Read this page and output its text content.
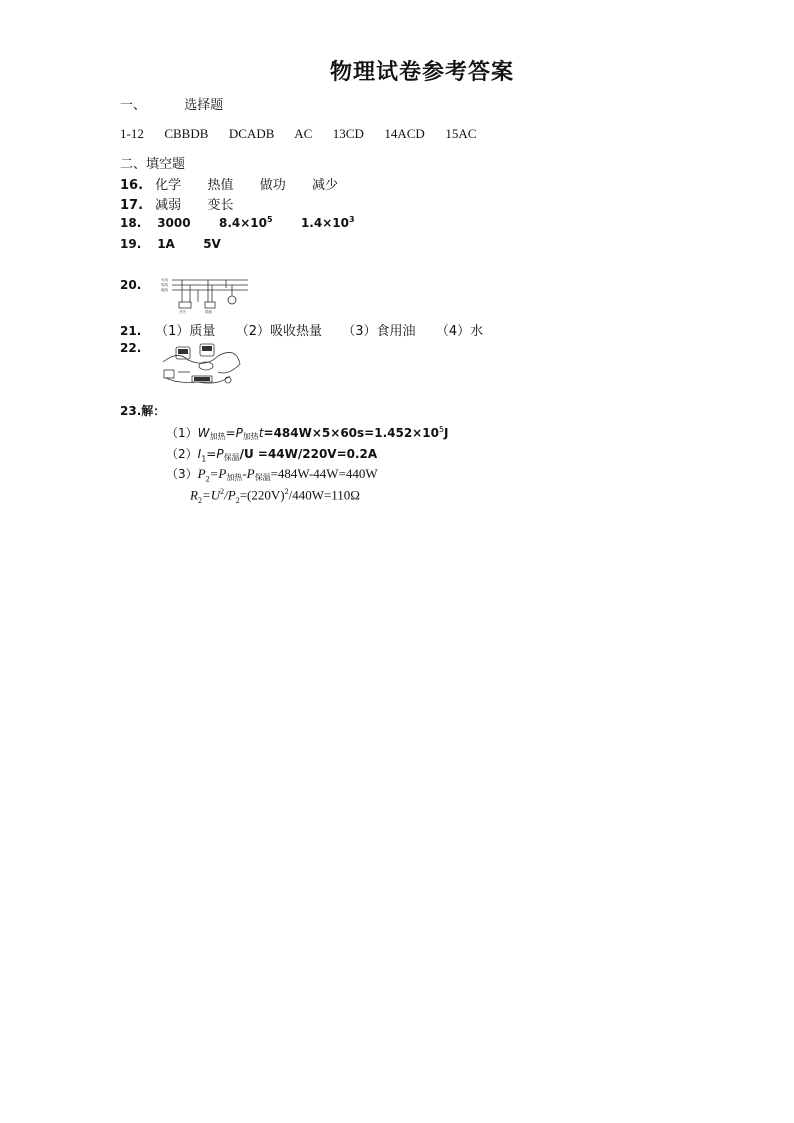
物理试卷参考答案
一、	选择题
1-12 CBBDB DCADB AC 13CD 14ACD 15AC
二、填空题
16. 化学 热值 做功 减少
17. 减弱 变长
18. 3000 $8.4\times 10^5$ $1.4\times 10^3$
19. 1A 5V
20.	火线
零线
地线
开关	插座
21. （1）质量 （2）吸收热量 （3）食用油 （4）水
22.
23.解：
（1）W加热=P加热$t=484W\times 5\times 60s=1.452\times 10^5J$
$(2)I_1=P$保温/U =44W/220V=0.2A
$(3)P_2=P$加热-P保温=484W-44W=440W
$R_2=U^2/P_2=(220V)^2/440W=110\Omega$
